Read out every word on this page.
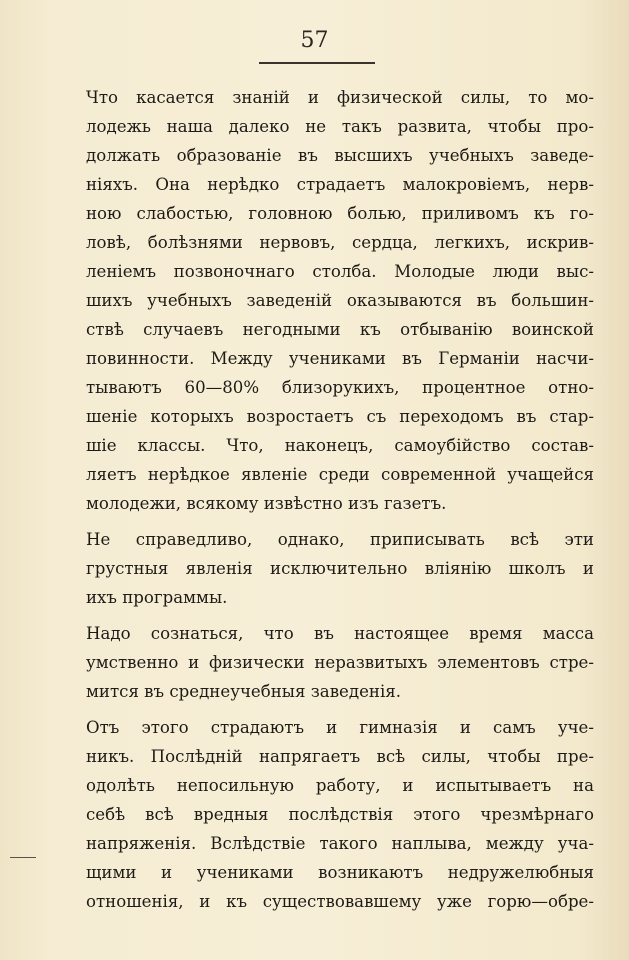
57
Что касается знаній и физической силы, то мо-
лодежь наша далеко не такъ развита, чтобы про-
должать образованіе въ высшихъ учебныхъ заведе-
ніяхъ. Она нерѣдко страдаетъ малокровіемъ, нерв-
ною слабостью, головною болью, приливомъ къ го-
ловѣ, болѣзнями нервовъ, сердца, легкихъ, искрив-
леніемъ позвоночнаго столба. Молодые люди выс-
шихъ учебныхъ заведеній оказываются въ большин-
ствѣ случаевъ негодными къ отбыванію воинской
повинности. Между учениками въ Германіи насчи-
тываютъ 60—80% близорукихъ, процентное отно-
шеніе которыхъ возростаетъ съ переходомъ въ стар-
шіе классы. Что, наконецъ, самоубійство состав-
ляетъ нерѣдкое явленіе среди современной учащейся
молодежи, всякому извѣстно изъ газетъ.
Не справедливо, однако, приписывать всѣ эти
грустныя явленія исключительно вліянію школъ и
ихъ программы.
Надо сознаться, что въ настоящее время масса
умственно и физически неразвитыхъ элементовъ стре-
мится въ среднеучебныя заведенія.
Отъ этого страдаютъ и гимназія и самъ уче-
никъ. Послѣдній напрягаетъ всѣ силы, чтобы пре-
одолѣть непосильную работу, и испытываетъ на
себѣ всѣ вредныя послѣдствія этого чрезмѣрнаго
напряженія. Вслѣдствіе такого наплыва, между уча-
щими и учениками возникаютъ недружелюбныя
отношенія, и къ существовавшему уже горю—обре-
